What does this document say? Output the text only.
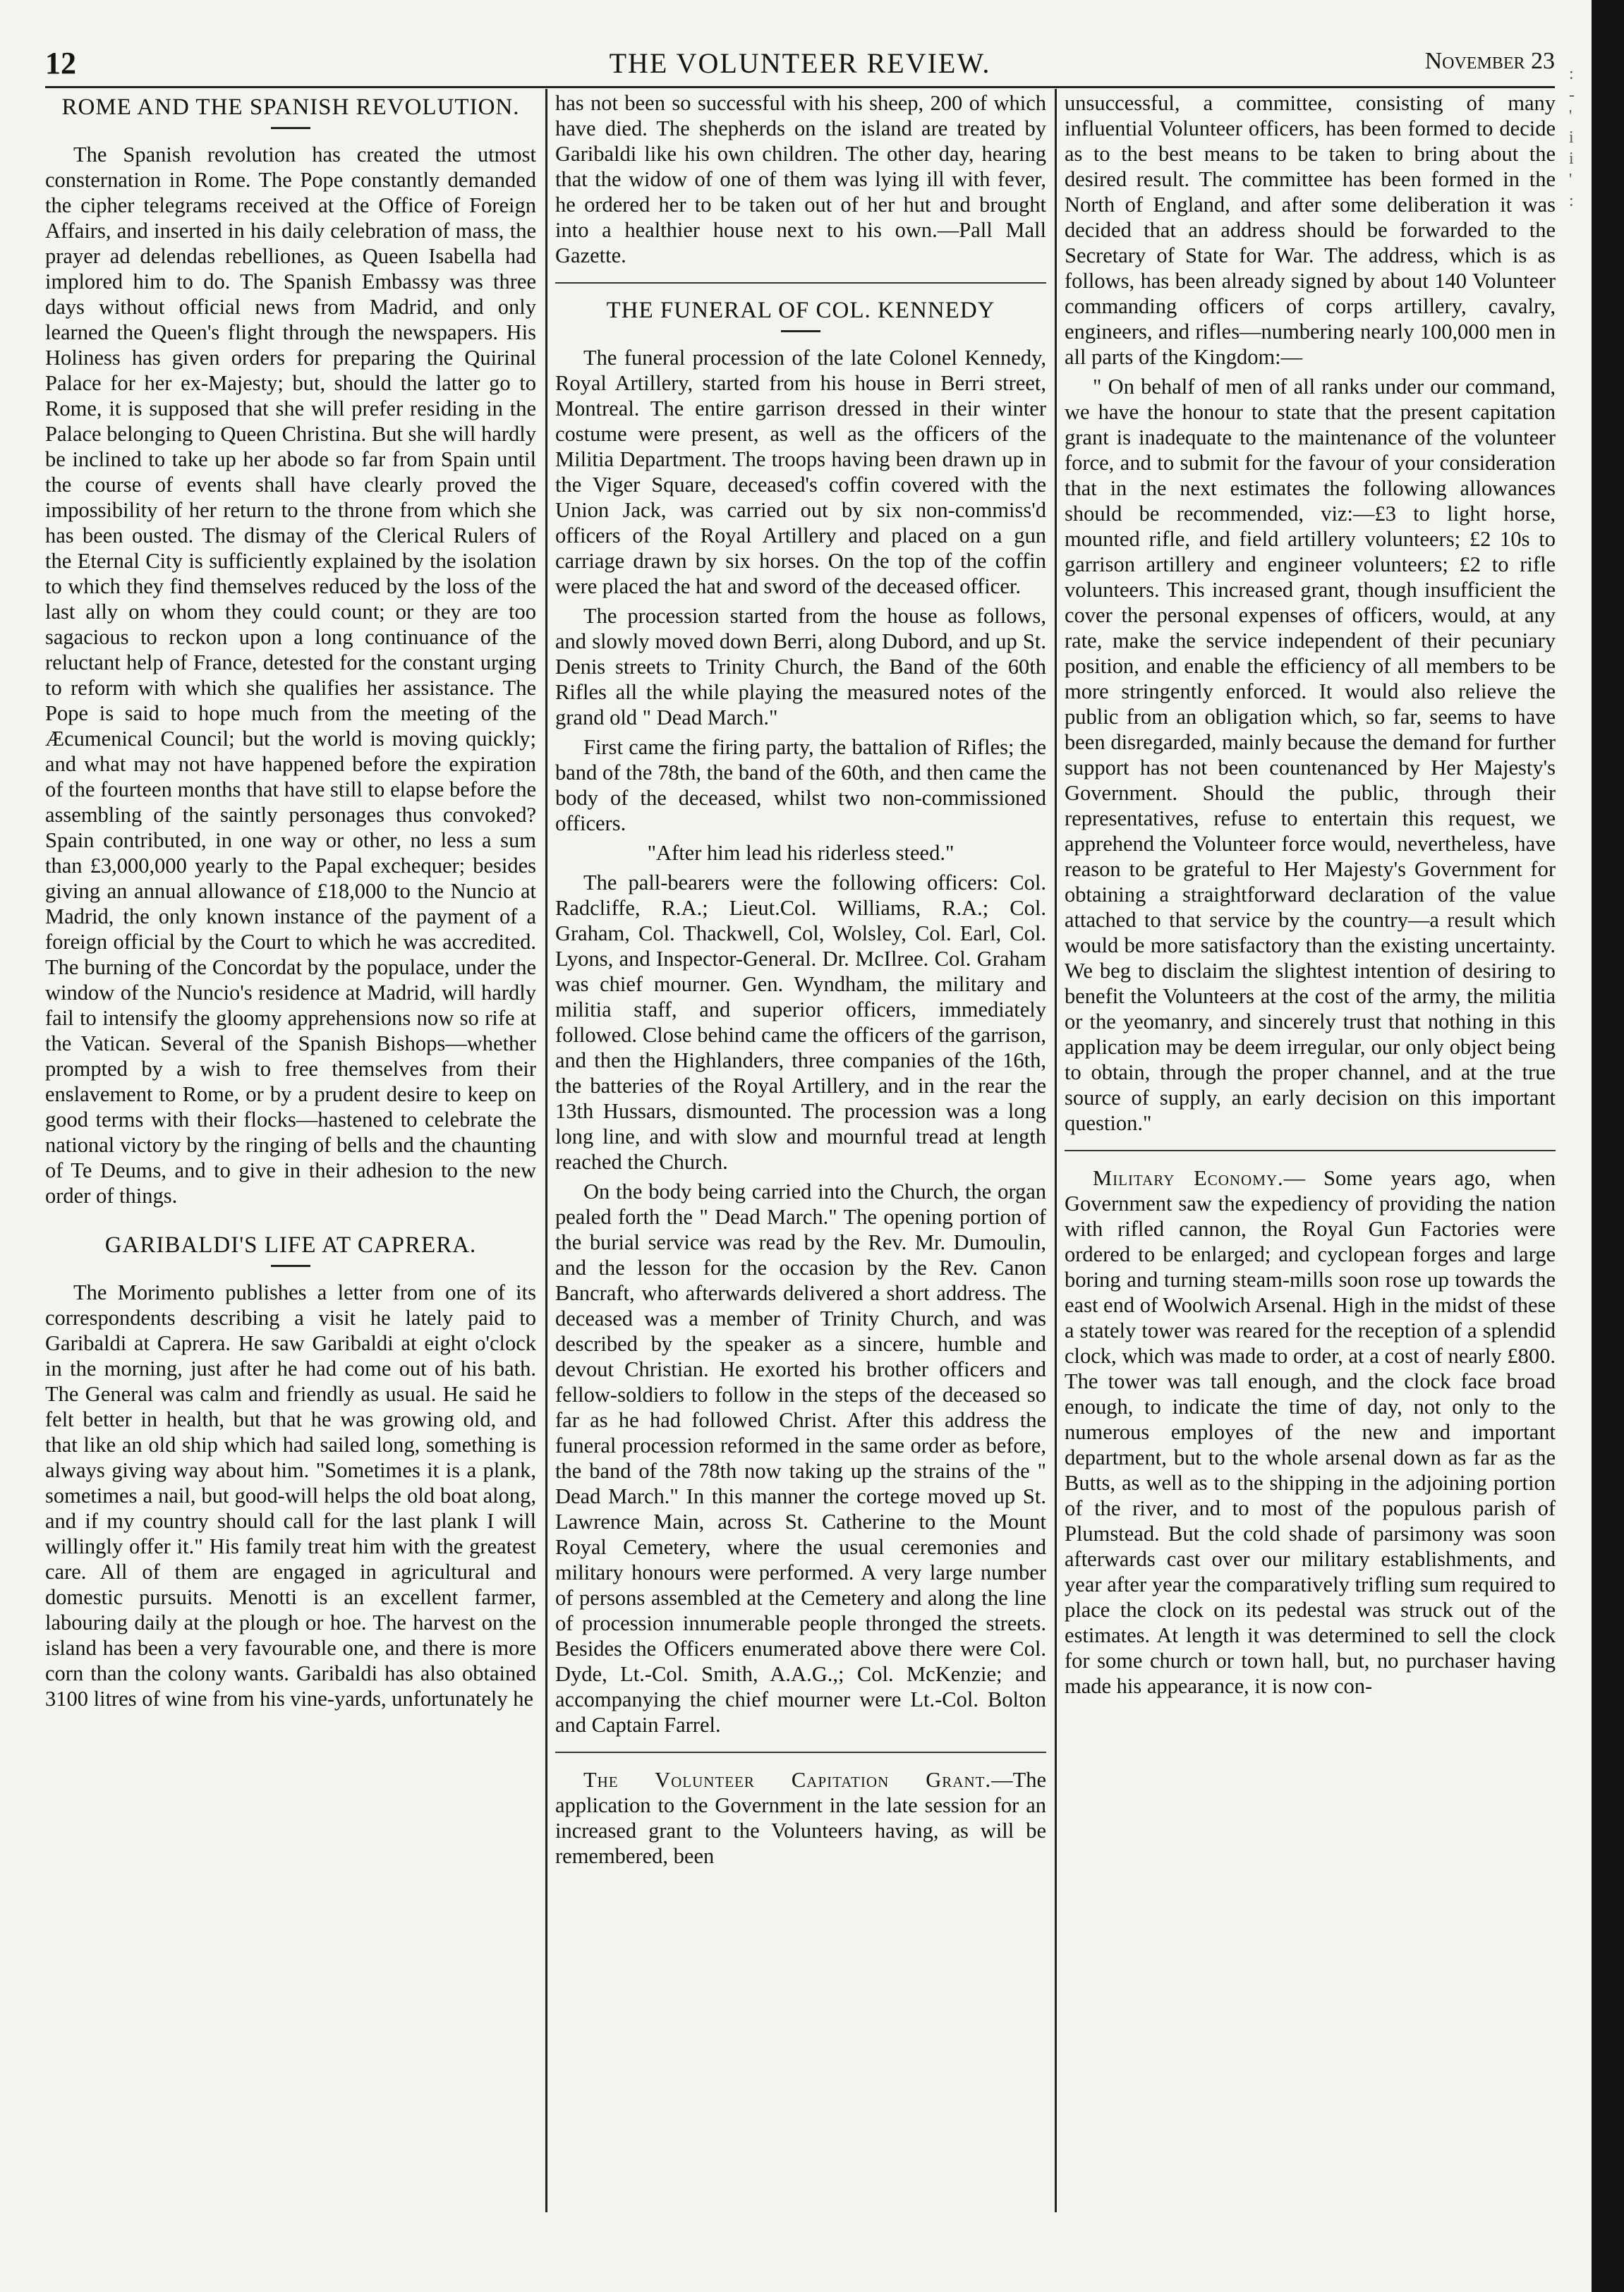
12	THE VOLUNTEER REVIEW.	November 23
ROME AND THE SPANISH REVOLUTION.

The Spanish revolution has created the utmost consternation in Rome. The Pope constantly demanded the cipher telegrams received at the Office of Foreign Affairs, and inserted in his daily celebration of mass, the prayer ad delendas rebelliones, as Queen Isabella had implored him to do. The Spanish Embassy was three days without official news from Madrid, and only learned the Queen's flight through the newspapers. His Holiness has given orders for preparing the Quirinal Palace for her ex-Majesty; but, should the latter go to Rome, it is supposed that she will prefer residing in the Palace belonging to Queen Christina. But she will hardly be inclined to take up her abode so far from Spain until the course of events shall have clearly proved the impossibility of her return to the throne from which she has been ousted. The dismay of the Clerical Rulers of the Eternal City is sufficiently explained by the isolation to which they find themselves reduced by the loss of the last ally on whom they could count; or they are too sagacious to reckon upon a long continuance of the reluctant help of France, detested for the constant urging to reform with which she qualifies her assistance. The Pope is said to hope much from the meeting of the Æcumenical Council; but the world is moving quickly; and what may not have happened before the expiration of the fourteen months that have still to elapse before the assembling of the saintly personages thus convoked? Spain contributed, in one way or other, no less a sum than £3,000,000 yearly to the Papal exchequer; besides giving an annual allowance of £18,000 to the Nuncio at Madrid, the only known instance of the payment of a foreign official by the Court to which he was accredited. The burning of the Concordat by the populace, under the window of the Nuncio's residence at Madrid, will hardly fail to intensify the gloomy apprehensions now so rife at the Vatican. Several of the Spanish Bishops—whether prompted by a wish to free themselves from their enslavement to Rome, or by a prudent desire to keep on good terms with their flocks—hastened to celebrate the national victory by the ringing of bells and the chaunting of Te Deums, and to give in their adhesion to the new order of things.

GARIBALDI'S LIFE AT CAPRERA.

The Morimento publishes a letter from one of its correspondents describing a visit he lately paid to Garibaldi at Caprera. He saw Garibaldi at eight o'clock in the morning, just after he had come out of his bath. The General was calm and friendly as usual. He said he felt better in health, but that he was growing old, and that like an old ship which had sailed long, something is always giving way about him. "Sometimes it is a plank, sometimes a nail, but good-will helps the old boat along, and if my country should call for the last plank I will willingly offer it." His family treat him with the greatest care. All of them are engaged in agricultural and domestic pursuits. Menotti is an excellent farmer, labouring daily at the plough or hoe. The harvest on the island has been a very favourable one, and there is more corn than the colony wants. Garibaldi has also obtained 3100 litres of wine from his vine-yards, unfortunately he

has not been so successful with his sheep, 200 of which have died. The shepherds on the island are treated by Garibaldi like his own children. The other day, hearing that the widow of one of them was lying ill with fever, he ordered her to be taken out of her hut and brought into a healthier house next to his own.—Pall Mall Gazette.

THE FUNERAL OF COL. KENNEDY

The funeral procession of the late Colonel Kennedy, Royal Artillery, started from his house in Berri street, Montreal. The entire garrison dressed in their winter costume were present, as well as the officers of the Militia Department. The troops having been drawn up in the Viger Square, deceased's coffin covered with the Union Jack, was carried out by six non-commiss'd officers of the Royal Artillery and placed on a gun carriage drawn by six horses. On the top of the coffin were placed the hat and sword of the deceased officer.

The procession started from the house as follows, and slowly moved down Berri, along Dubord, and up St. Denis streets to Trinity Church, the Band of the 60th Rifles all the while playing the measured notes of the grand old " Dead March."

First came the firing party, the battalion of Rifles; the band of the 78th, the band of the 60th, and then came the body of the deceased, whilst two non-commissioned officers.

"After him lead his riderless steed."

The pall-bearers were the following officers: Col. Radcliffe, R.A.; Lieut.Col. Williams, R.A.; Col. Graham, Col. Thackwell, Col, Wolsley, Col. Earl, Col. Lyons, and Inspector-General. Dr. McIlree. Col. Graham was chief mourner. Gen. Wyndham, the military and militia staff, and superior officers, immediately followed. Close behind came the officers of the garrison, and then the Highlanders, three companies of the 16th, the batteries of the Royal Artillery, and in the rear the 13th Hussars, dismounted. The procession was a long long line, and with slow and mournful tread at length reached the Church.

On the body being carried into the Church, the organ pealed forth the " Dead March." The opening portion of the burial service was read by the Rev. Mr. Dumoulin, and the lesson for the occasion by the Rev. Canon Bancraft, who afterwards delivered a short address. The deceased was a member of Trinity Church, and was described by the speaker as a sincere, humble and devout Christian. He exorted his brother officers and fellow-soldiers to follow in the steps of the deceased so far as he had followed Christ. After this address the funeral procession reformed in the same order as before, the band of the 78th now taking up the strains of the " Dead March." In this manner the cortege moved up St. Lawrence Main, across St. Catherine to the Mount Royal Cemetery, where the usual ceremonies and military honours were performed. A very large number of persons assembled at the Cemetery and along the line of procession innumerable people thronged the streets. Besides the Officers enumerated above there were Col. Dyde, Lt.-Col. Smith, A.A.G.,; Col. McKenzie; and accompanying the chief mourner were Lt.-Col. Bolton and Captain Farrel.

The Volunteer Capitation Grant.—The application to the Government in the late session for an increased grant to the Volunteers having, as will be remembered, been

unsuccessful, a committee, consisting of many influential Volunteer officers, has been formed to decide as to the best means to be taken to bring about the desired result. The committee has been formed in the North of England, and after some deliberation it was decided that an address should be forwarded to the Secretary of State for War. The address, which is as follows, has been already signed by about 140 Volunteer commanding officers of corps artillery, cavalry, engineers, and rifles—numbering nearly 100,000 men in all parts of the Kingdom:—

" On behalf of men of all ranks under our command, we have the honour to state that the present capitation grant is inadequate to the maintenance of the volunteer force, and to submit for the favour of your consideration that in the next estimates the following allowances should be recommended, viz:—£3 to light horse, mounted rifle, and field artillery volunteers; £2 10s to garrison artillery and engineer volunteers; £2 to rifle volunteers. This increased grant, though insufficient the cover the personal expenses of officers, would, at any rate, make the service independent of their pecuniary position, and enable the efficiency of all members to be more stringently enforced. It would also relieve the public from an obligation which, so far, seems to have been disregarded, mainly because the demand for further support has not been countenanced by Her Majesty's Government. Should the public, through their representatives, refuse to entertain this request, we apprehend the Volunteer force would, nevertheless, have reason to be grateful to Her Majesty's Government for obtaining a straightforward declaration of the value attached to that service by the country—a result which would be more satisfactory than the existing uncertainty. We beg to disclaim the slightest intention of desiring to benefit the Volunteers at the cost of the army, the militia or the yeomanry, and sincerely trust that nothing in this application may be deem irregular, our only object being to obtain, through the proper channel, and at the true source of supply, an early decision on this important question."

Military Economy.— Some years ago, when Government saw the expediency of providing the nation with rifled cannon, the Royal Gun Factories were ordered to be enlarged; and cyclopean forges and large boring and turning steam-mills soon rose up towards the east end of Woolwich Arsenal. High in the midst of these a stately tower was reared for the reception of a splendid clock, which was made to order, at a cost of nearly £800. The tower was tall enough, and the clock face broad enough, to indicate the time of day, not only to the numerous employes of the new and important department, but to the whole arsenal down as far as the Butts, as well as to the shipping in the adjoining portion of the river, and to most of the populous parish of Plumstead. But the cold shade of parsimony was soon afterwards cast over our military establishments, and year after year the comparatively trifling sum required to place the clock on its pedestal was struck out of the estimates. At length it was determined to sell the clock for some church or town hall, but, no purchaser having made his appearance, it is now con-

:
-
'
i
i
'
:
